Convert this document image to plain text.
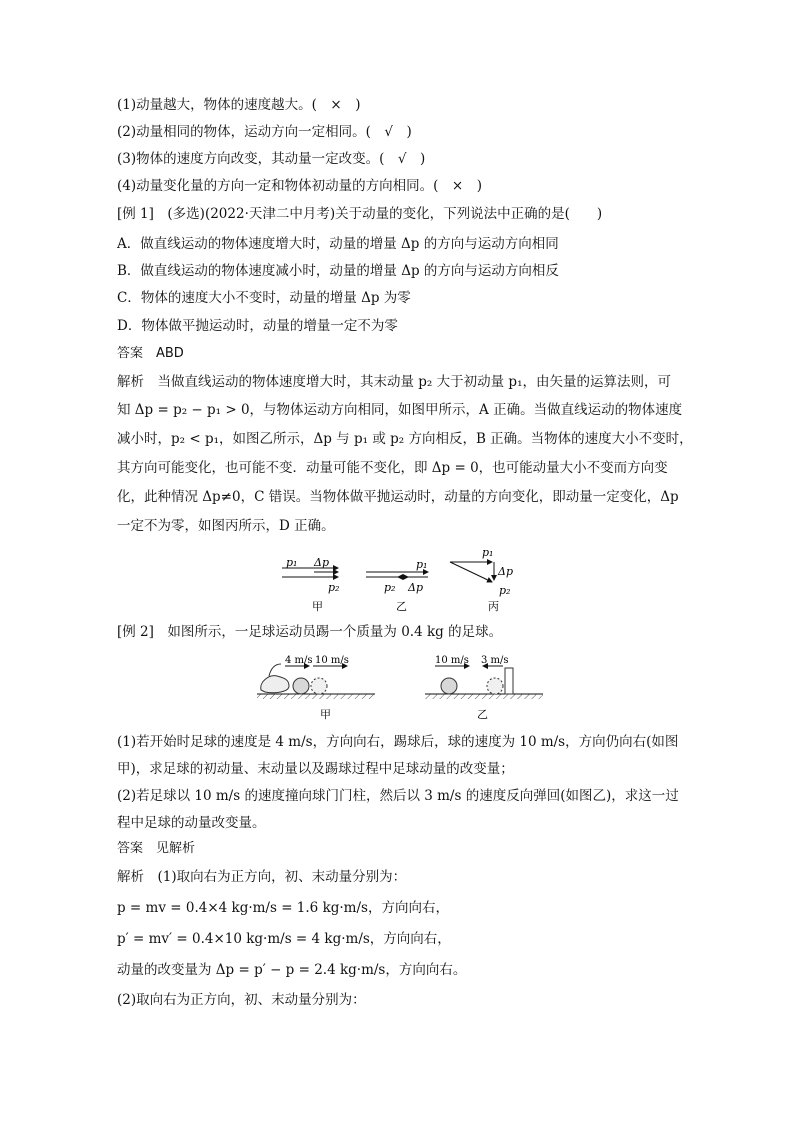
(1)动量越大，物体的速度越大。(　×　)
(2)动量相同的物体，运动方向一定相同。(　√　)
(3)物体的速度方向改变，其动量一定改变。(　√　)
(4)动量变化量的方向一定和物体初动量的方向相同。(　×　)
[例 1]　(多选)(2022·天津二中月考)关于动量的变化，下列说法中正确的是(　　)
A．做直线运动的物体速度增大时，动量的增量 Δp 的方向与运动方向相同
B．做直线运动的物体速度减小时，动量的增量 Δp 的方向与运动方向相反
C．物体的速度大小不变时，动量的增量 Δp 为零
D．物体做平抛运动时，动量的增量一定不为零
答案　ABD
解析　当做直线运动的物体速度增大时，其末动量 p₂ 大于初动量 p₁，由矢量的运算法则，可
知 Δp = p₂ − p₁ > 0，与物体运动方向相同，如图甲所示，A 正确。当做直线运动的物体速度
减小时，p₂ < p₁，如图乙所示，Δp 与 p₁ 或 p₂ 方向相反，B 正确。当物体的速度大小不变时，
其方向可能变化，也可能不变．动量可能不变化，即 Δp = 0，也可能动量大小不变而方向变
化，此种情况 Δp≠0，C 错误。当物体做平抛运动时，动量的方向变化，即动量一定变化，Δp
一定不为零，如图丙所示，D 正确。
p₁ Δp
p₂
甲
p₁
p₂ Δp
乙
p₁
Δp
p₂
丙
[例 2]　如图所示，一足球运动员踢一个质量为 0.4 kg 的足球。
4 m/s 10 m/s
甲
10 m/s 3 m/s
乙
(1)若开始时足球的速度是 4 m/s，方向向右，踢球后，球的速度为 10 m/s，方向仍向右(如图
甲)，求足球的初动量、末动量以及踢球过程中足球动量的改变量；
(2)若足球以 10 m/s 的速度撞向球门门柱，然后以 3 m/s 的速度反向弹回(如图乙)，求这一过
程中足球的动量改变量。
答案　见解析
解析　(1)取向右为正方向，初、末动量分别为：
p = mv = 0.4×4 kg·m/s = 1.6 kg·m/s，方向向右，
p′ = mv′ = 0.4×10 kg·m/s = 4 kg·m/s，方向向右，
动量的改变量为 Δp = p′ − p = 2.4 kg·m/s，方向向右。
(2)取向右为正方向，初、末动量分别为：
